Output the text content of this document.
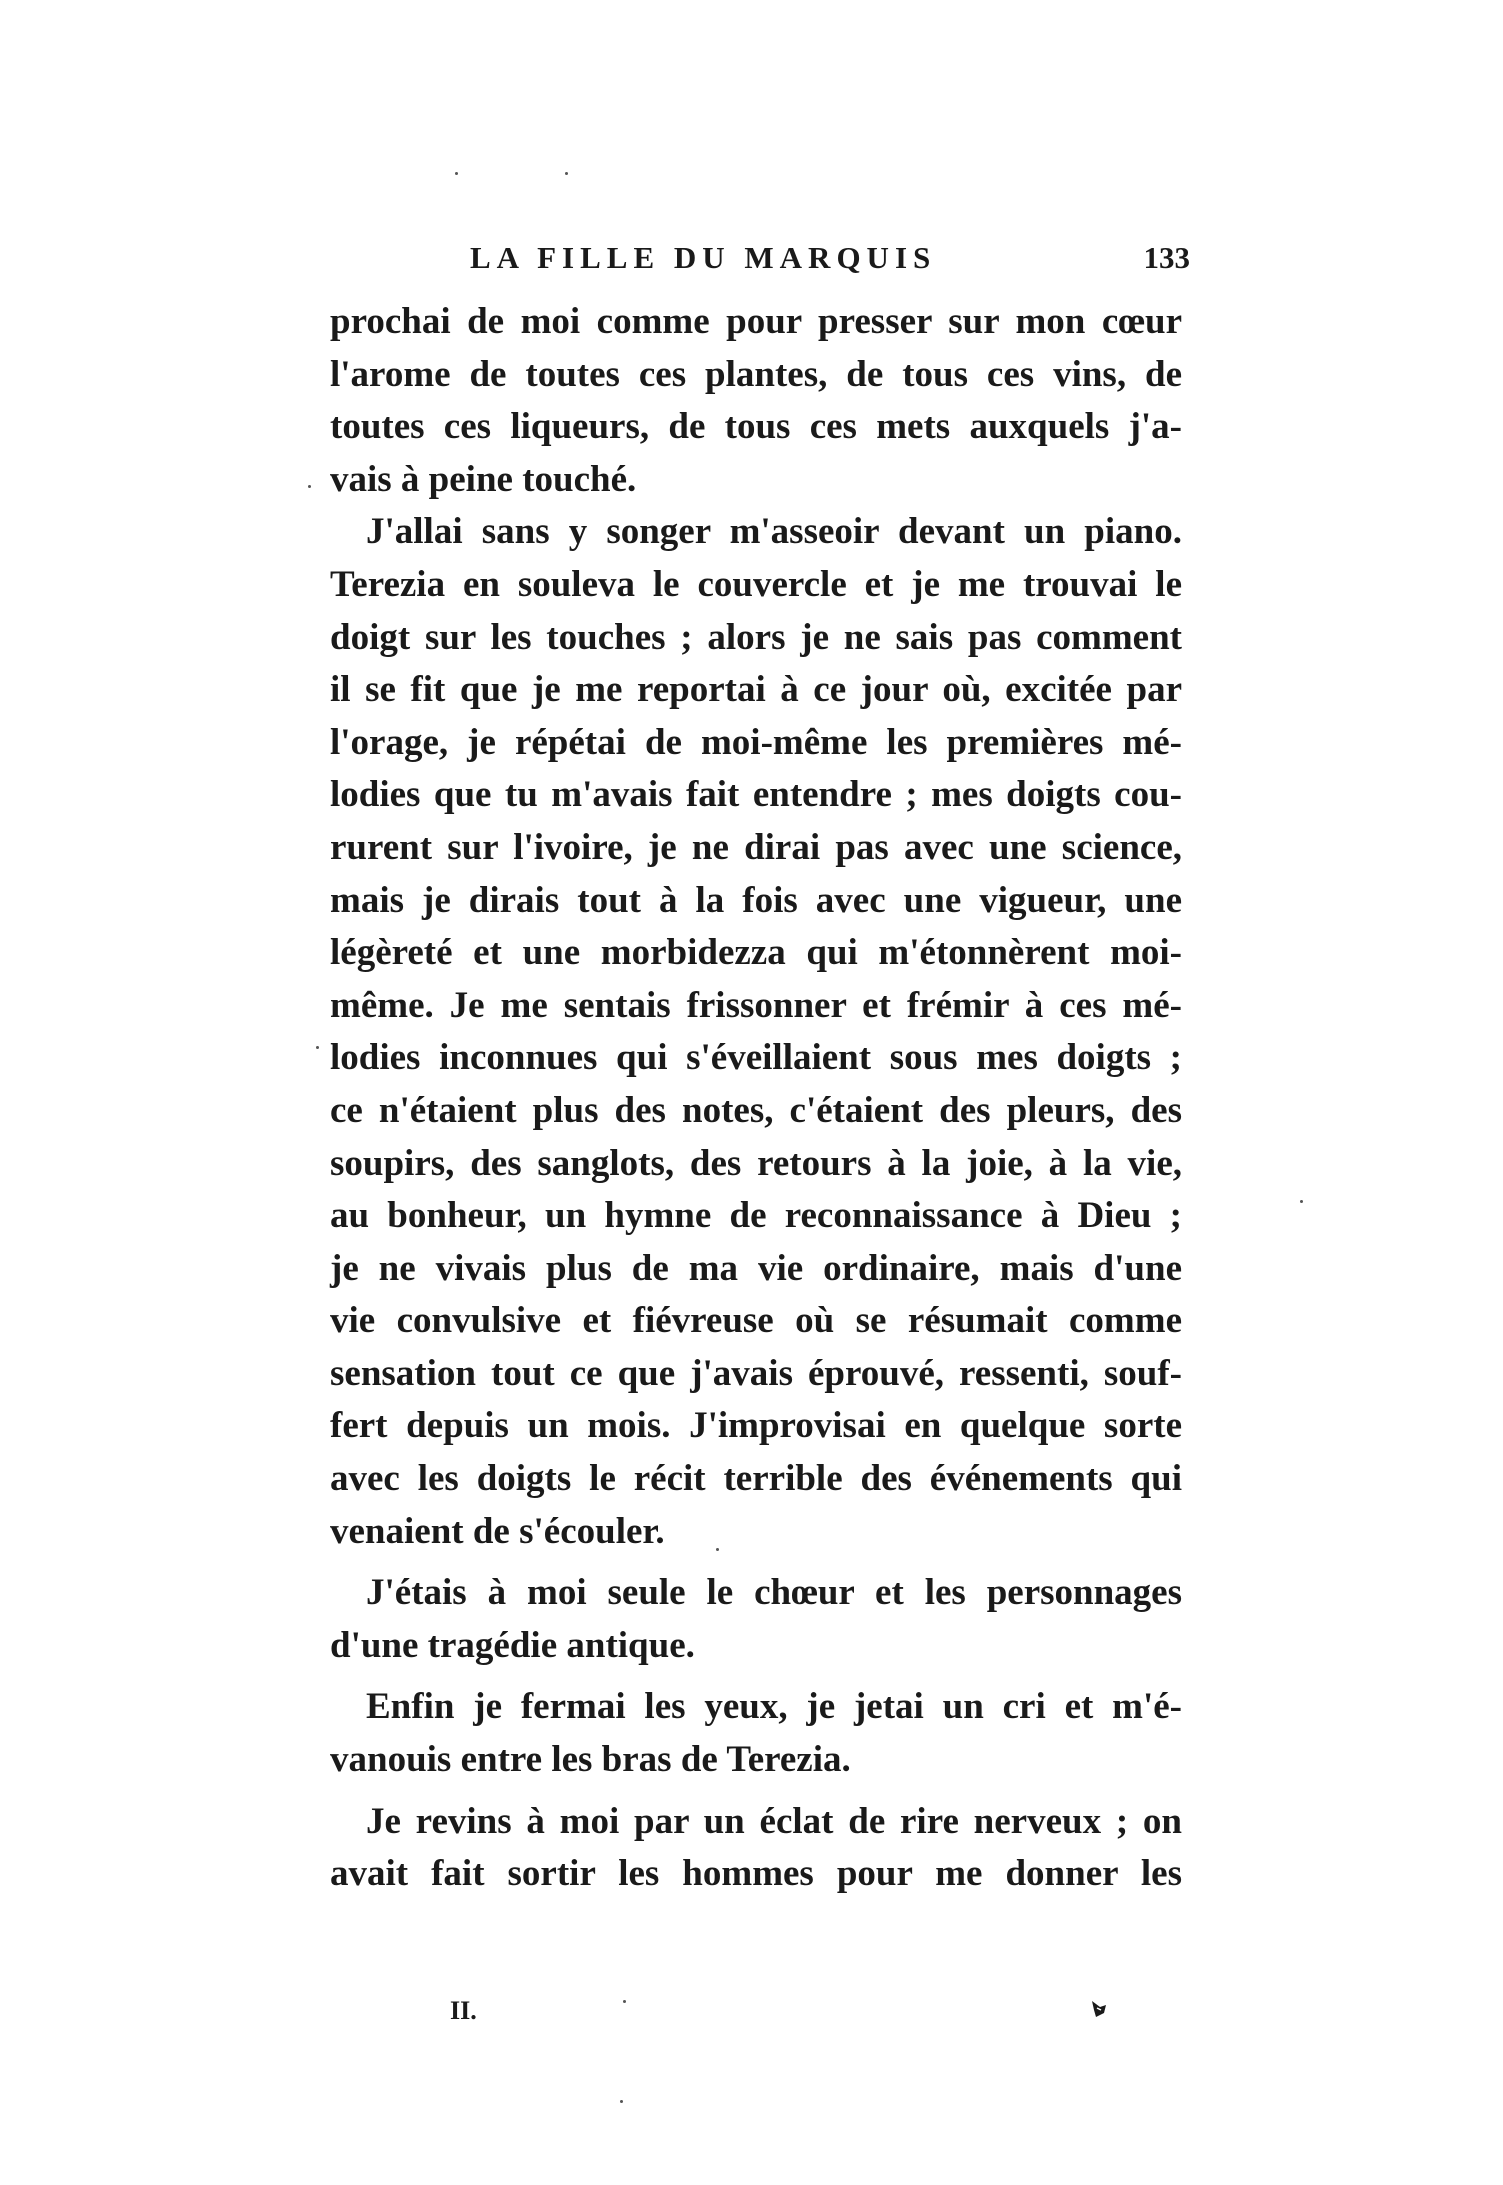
LA FILLE DU MARQUIS	133
prochai de moi comme pour presser sur mon cœur
l'arome de toutes ces plantes, de tous ces vins, de
toutes ces liqueurs, de tous ces mets auxquels j'a-
vais à peine touché.
J'allai sans y songer m'asseoir devant un piano.
Terezia en souleva le couvercle et je me trouvai le
doigt sur les touches ; alors je ne sais pas comment
il se fit que je me reportai à ce jour où, excitée par
l'orage, je répétai de moi-même les premières mé-
lodies que tu m'avais fait entendre ; mes doigts cou-
rurent sur l'ivoire, je ne dirai pas avec une science,
mais je dirais tout à la fois avec une vigueur, une
légèreté et une morbidezza qui m'étonnèrent moi-
même. Je me sentais frissonner et frémir à ces mé-
lodies inconnues qui s'éveillaient sous mes doigts ;
ce n'étaient plus des notes, c'étaient des pleurs, des
soupirs, des sanglots, des retours à la joie, à la vie,
au bonheur, un hymne de reconnaissance à Dieu ;
je ne vivais plus de ma vie ordinaire, mais d'une
vie convulsive et fiévreuse où se résumait comme
sensation tout ce que j'avais éprouvé, ressenti, souf-
fert depuis un mois. J'improvisai en quelque sorte
avec les doigts le récit terrible des événements qui
venaient de s'écouler.
J'étais à moi seule le chœur et les personnages
d'une tragédie antique.
Enfin je fermai les yeux, je jetai un cri et m'é-
vanouis entre les bras de Terezia.
Je revins à moi par un éclat de rire nerveux ; on
avait fait sortir les hommes pour me donner les
II.
